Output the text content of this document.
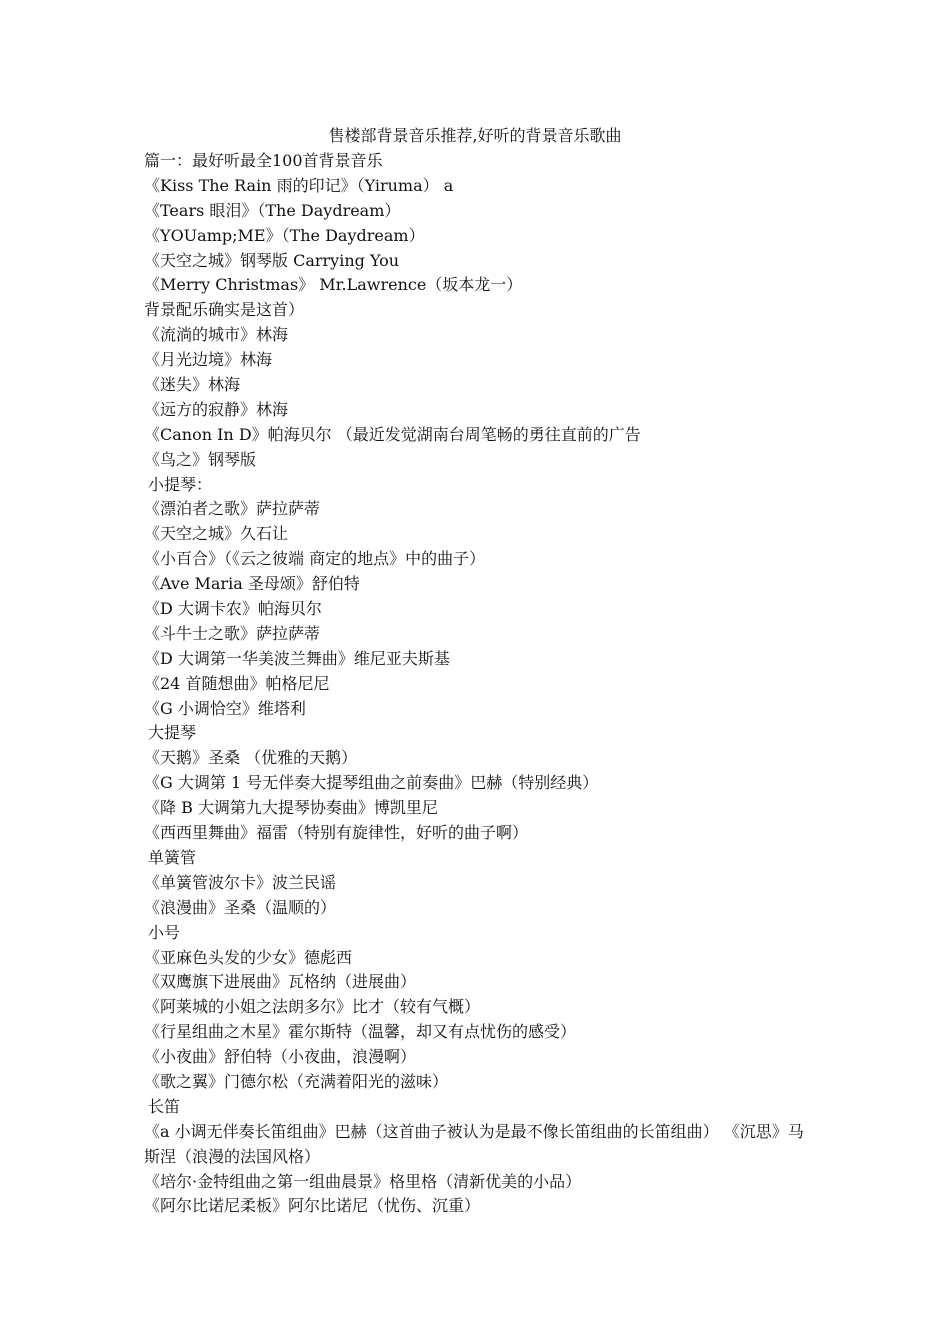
售楼部背景音乐推荐,好听的背景音乐歌曲
篇一：最好听最全100首背景音乐
《Kiss The Rain 雨的印记》（Yiruma） a
《Tears 眼泪》（The Daydream）
《YOUamp;ME》（The Daydream）
《天空之城》钢琴版 Carrying You
《Merry Christmas》 Mr.Lawrence（坂本龙一）
背景配乐确实是这首）
《流淌的城市》林海
《月光边境》林海
《迷失》林海
《远方的寂静》林海
《Canon In D》帕海贝尔 （最近发觉湖南台周笔畅的勇往直前的广告
《鸟之》钢琴版
小提琴：
《漂泊者之歌》萨拉萨蒂
《天空之城》久石让
《小百合》（《云之彼端 商定的地点》中的曲子）
《Ave Maria 圣母颂》舒伯特
《D 大调卡农》帕海贝尔
《斗牛士之歌》萨拉萨蒂
《D 大调第一华美波兰舞曲》维尼亚夫斯基
《24 首随想曲》帕格尼尼
《G 小调恰空》维塔利
大提琴
《天鹅》圣桑 （优雅的天鹅）
《G 大调第 1 号无伴奏大提琴组曲之前奏曲》巴赫（特别经典）
《降 B 大调第九大提琴协奏曲》博凯里尼
《西西里舞曲》福雷（特别有旋律性，好听的曲子啊）
单簧管
《单簧管波尔卡》波兰民谣
《浪漫曲》圣桑（温顺的）
小号
《亚麻色头发的少女》德彪西
《双鹰旗下进展曲》瓦格纳（进展曲）
《阿莱城的小姐之法朗多尔》比才（较有气概）
《行星组曲之木星》霍尔斯特（温馨，却又有点忧伤的感受）
《小夜曲》舒伯特（小夜曲，浪漫啊）
《歌之翼》门德尔松（充满着阳光的滋味）
长笛
《a 小调无伴奏长笛组曲》巴赫（这首曲子被认为是最不像长笛组曲的长笛组曲） 《沉思》马斯涅（浪漫的法国风格）
《培尔·金特组曲之第一组曲晨景》格里格（清新优美的小品）
《阿尔比诺尼柔板》阿尔比诺尼（忧伤、沉重）
